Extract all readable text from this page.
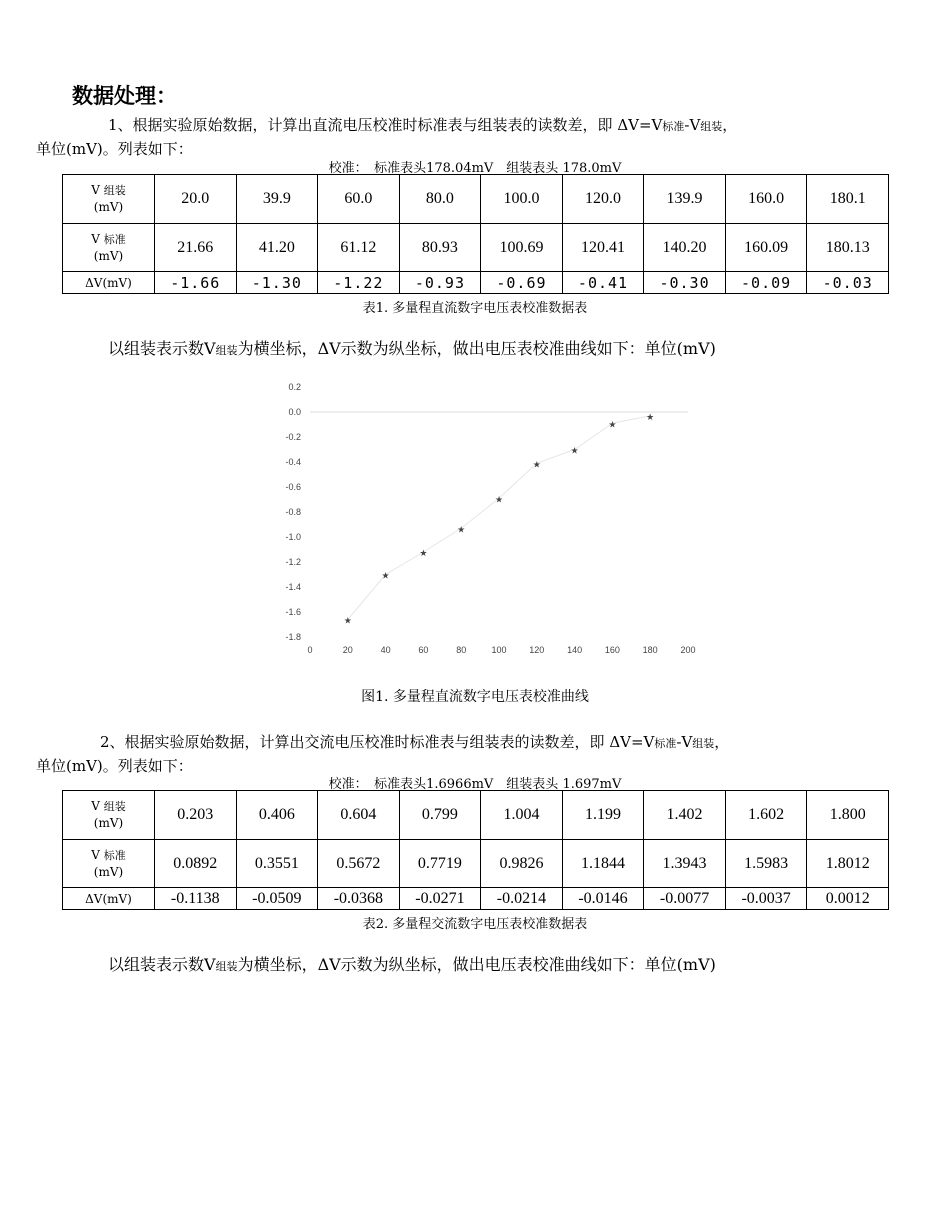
数据处理：
1、根据实验原始数据，计算出直流电压校准时标准表与组装表的读数差，即 ΔV=V标准-V组装，
单位(mV)。列表如下：
校准：　标准表头178.04mV　组装表头 178.0mV
V 组装
(mV)	20.0	39.9	60.0	80.0	100.0	120.0	139.9	160.0	180.1
V 标准
(mV)	21.66	41.20	61.12	80.93	100.69	120.41	140.20	160.09	180.13
ΔV(mV)	-1.66	-1.30	-1.22	-0.93	-0.69	-0.41	-0.30	-0.09	-0.03
表1. 多量程直流数字电压表校准数据表
以组装表示数V组装为横坐标，ΔV示数为纵坐标，做出电压表校准曲线如下：单位(mV)
0.2
0.0
-0.2
-0.4
-0.6
-0.8
-1.0
-1.2
-1.4
-1.6
-1.8
0	20	40	60	80	100	120	140	160	180	200
★
★
★
★
★
★
★
★
★
图1. 多量程直流数字电压表校准曲线
2、根据实验原始数据，计算出交流电压校准时标准表与组装表的读数差，即 ΔV=V标准-V组装，
单位(mV)。列表如下：
校准：　标准表头1.6966mV　组装表头 1.697mV
V 组装
(mV)	0.203	0.406	0.604	0.799	1.004	1.199	1.402	1.602	1.800
V 标准
(mV)	0.0892	0.3551	0.5672	0.7719	0.9826	1.1844	1.3943	1.5983	1.8012
ΔV(mV)	-0.1138	-0.0509	-0.0368	-0.0271	-0.0214	-0.0146	-0.0077	-0.0037	0.0012
表2. 多量程交流数字电压表校准数据表
以组装表示数V组装为横坐标，ΔV示数为纵坐标，做出电压表校准曲线如下：单位(mV)
